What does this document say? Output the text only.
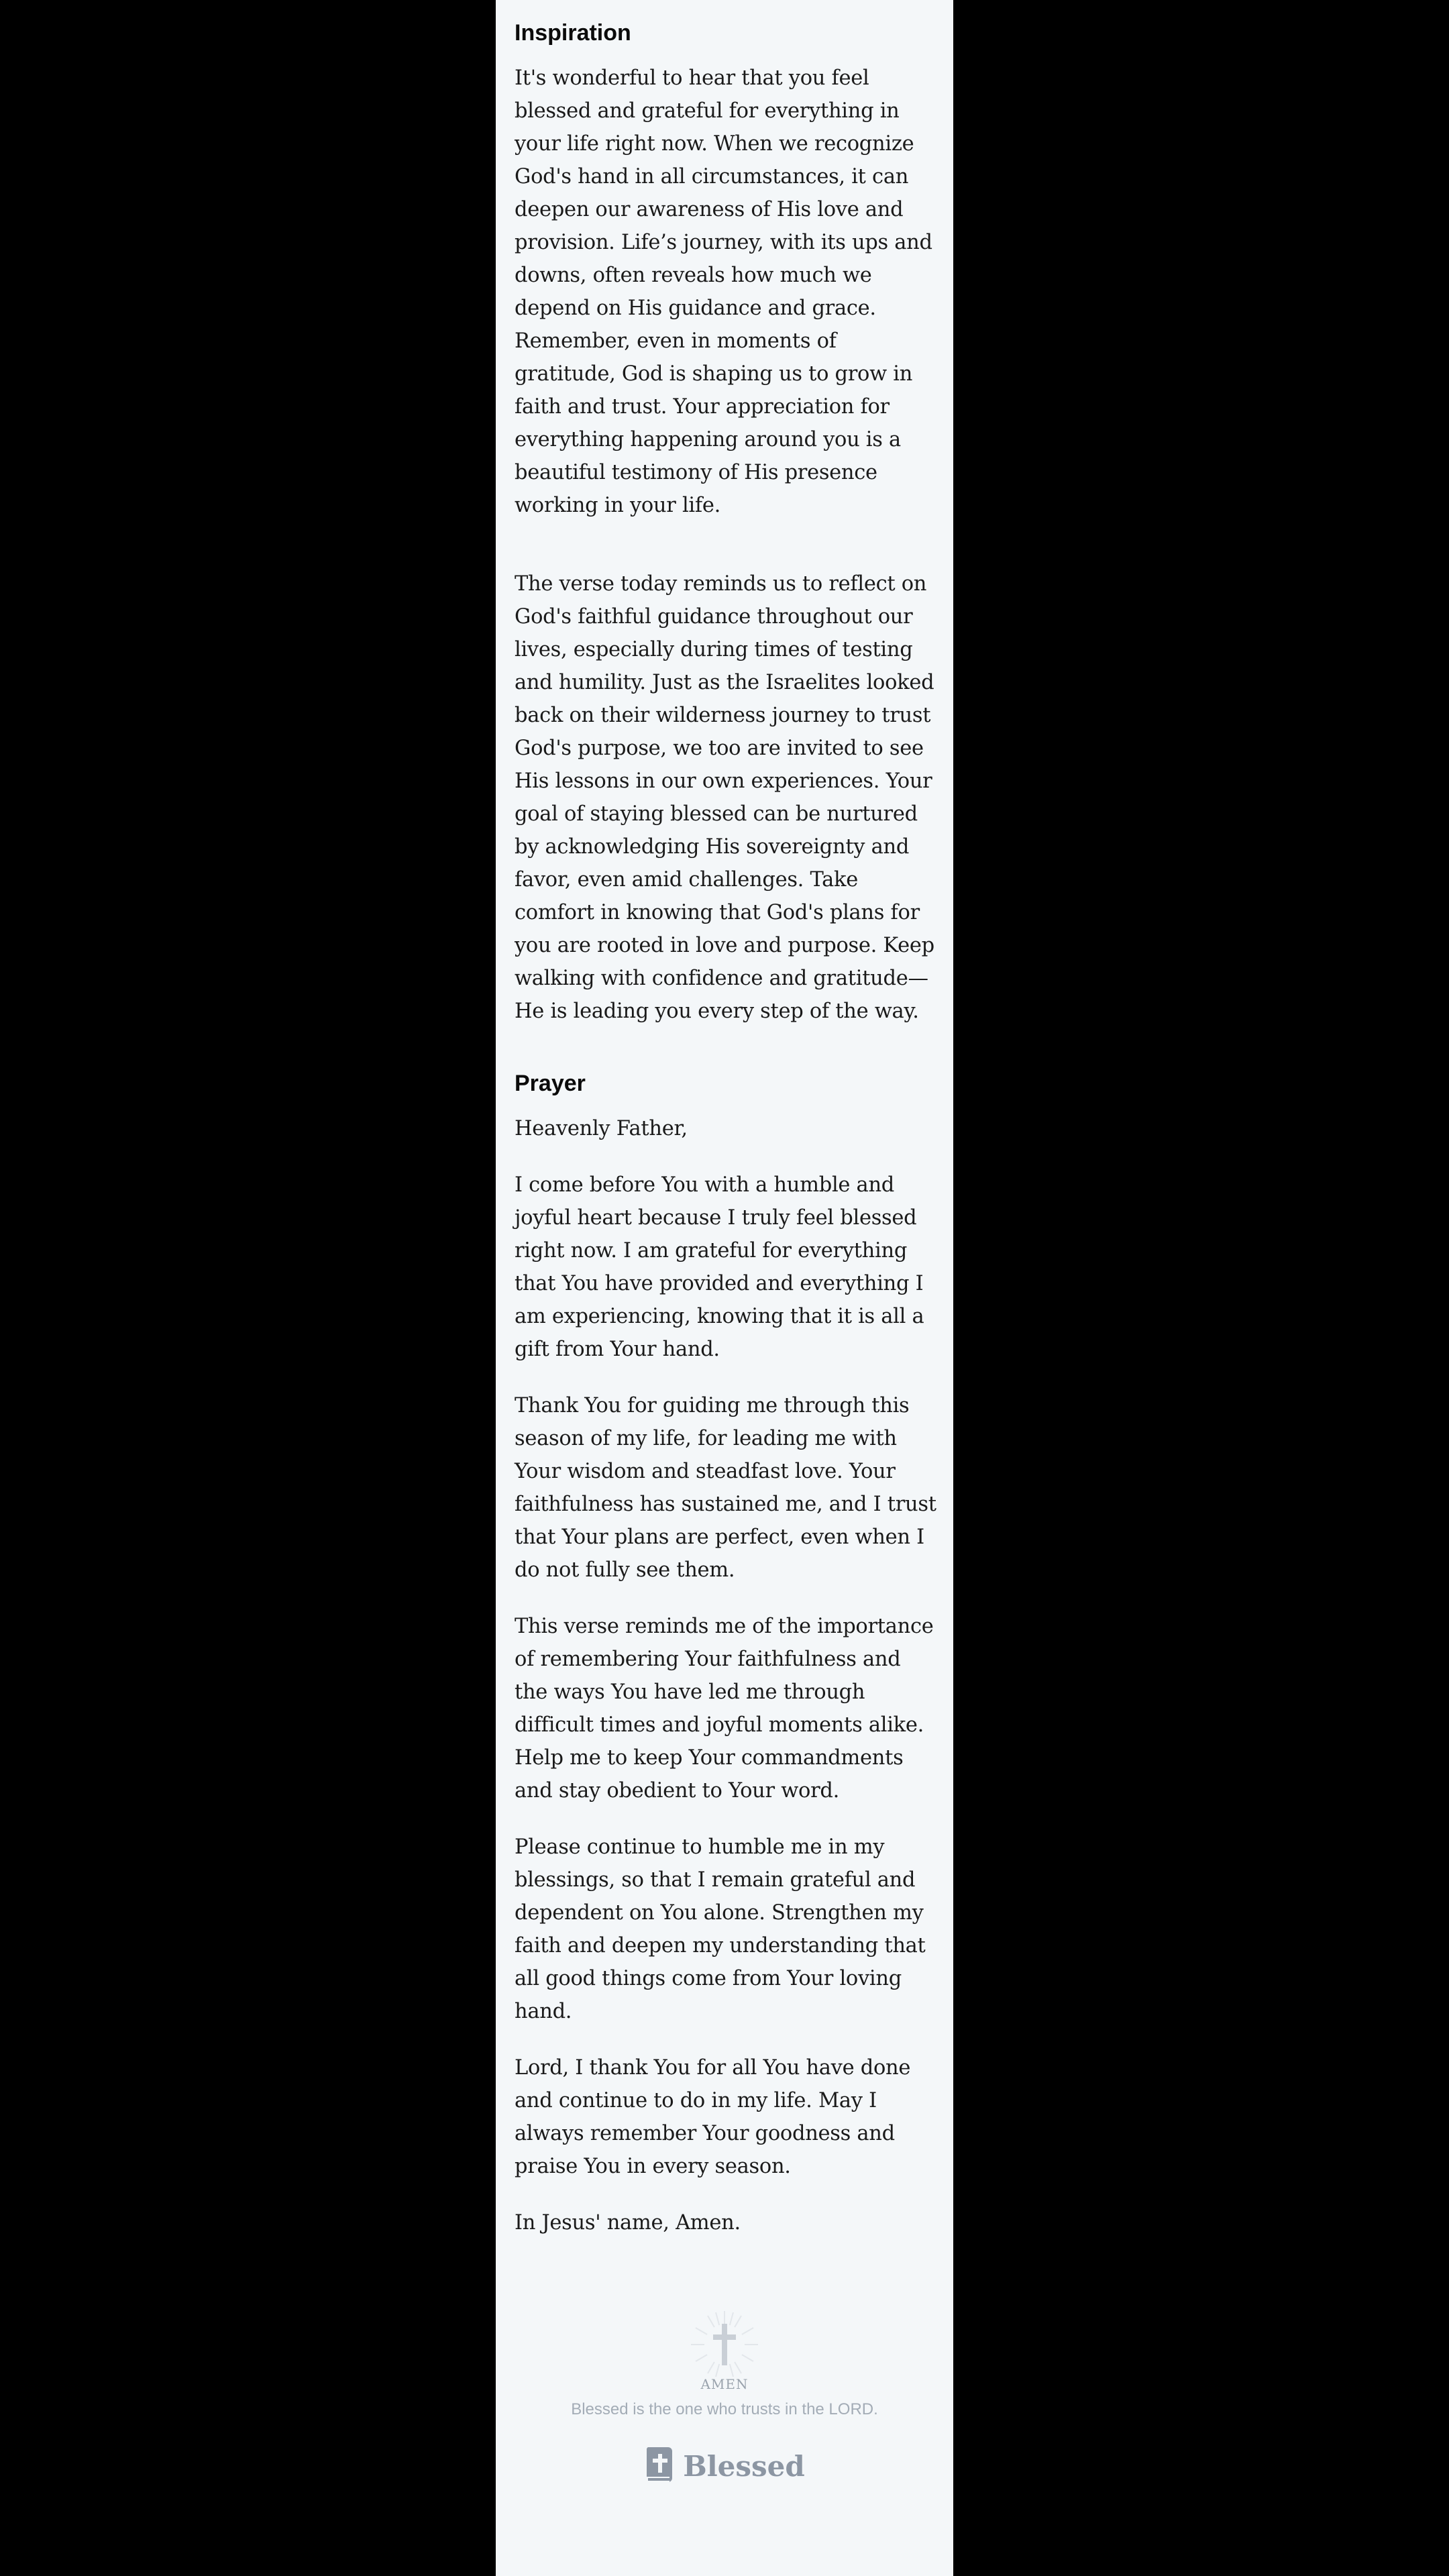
Inspiration

It's wonderful to hear that you feel blessed and grateful for everything in your life right now. When we recognize God's hand in all circumstances, it can deepen our awareness of His love and provision. Life’s journey, with its ups and downs, often reveals how much we depend on His guidance and grace. Remember, even in moments of gratitude, God is shaping us to grow in faith and trust. Your appreciation for everything happening around you is a beautiful testimony of His presence working in your life.

The verse today reminds us to reflect on God's faithful guidance throughout our lives, especially during times of testing and humility. Just as the Israelites looked back on their wilderness journey to trust God's purpose, we too are invited to see His lessons in our own experiences. Your goal of staying blessed can be nurtured by acknowledging His sovereignty and favor, even amid challenges. Take comfort in knowing that God's plans for you are rooted in love and purpose. Keep walking with confidence and gratitude—He is leading you every step of the way.

Prayer

Heavenly Father,

I come before You with a humble and joyful heart because I truly feel blessed right now. I am grateful for everything that You have provided and everything I am experiencing, knowing that it is all a gift from Your hand.

Thank You for guiding me through this season of my life, for leading me with Your wisdom and steadfast love. Your faithfulness has sustained me, and I trust that Your plans are perfect, even when I do not fully see them.

This verse reminds me of the importance of remembering Your faithfulness and the ways You have led me through difficult times and joyful moments alike. Help me to keep Your commandments and stay obedient to Your word.

Please continue to humble me in my blessings, so that I remain grateful and dependent on You alone. Strengthen my faith and deepen my understanding that all good things come from Your loving hand.

Lord, I thank You for all You have done and continue to do in my life. May I always remember Your goodness and praise You in every season.

In Jesus' name, Amen.

AMEN
Blessed is the one who trusts in the LORD.
Blessed
